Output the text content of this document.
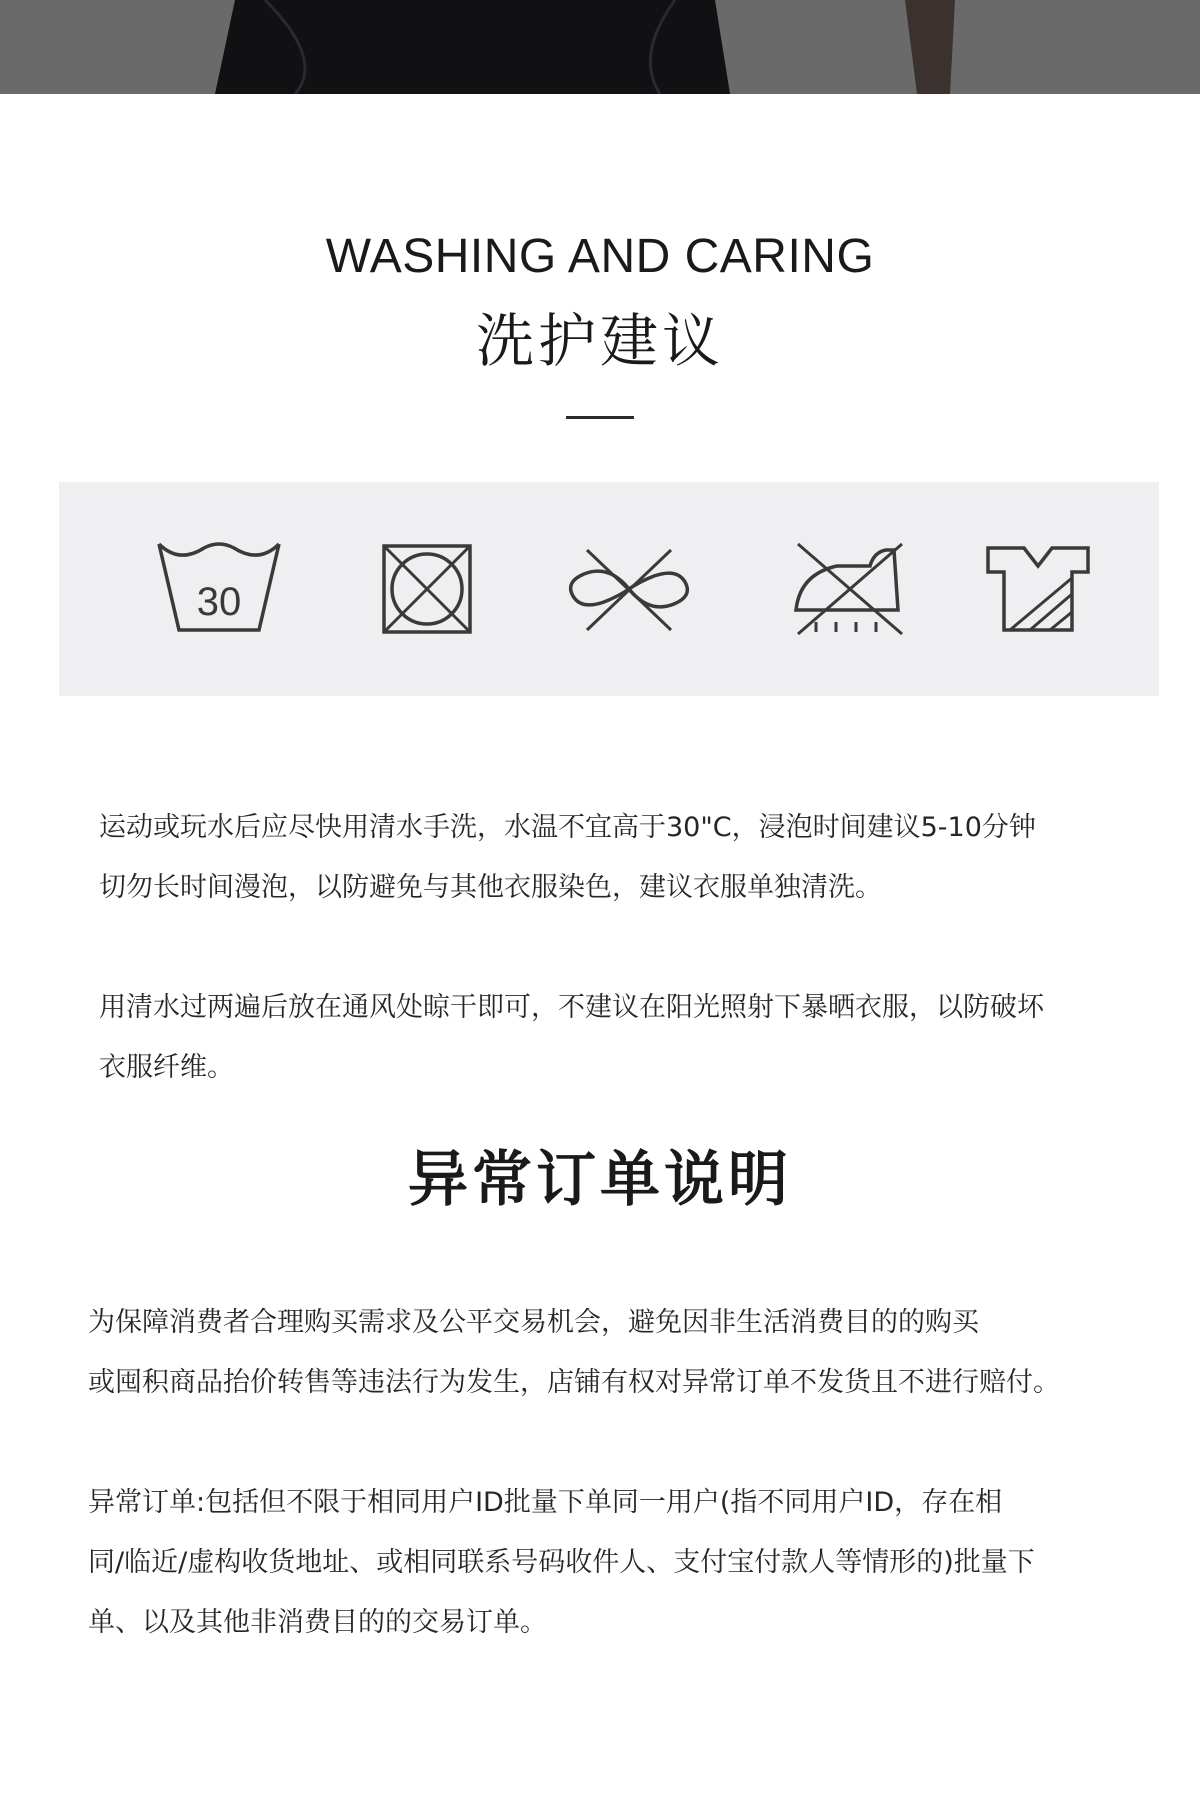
WASHING AND CARING
洗护建议
30
运动或玩水后应尽快用清水手洗，水温不宜高于30"C，浸泡时间建议5-10分钟
切勿长时间漫泡，以防避免与其他衣服染色，建议衣服单独清洗。
用清水过两遍后放在通风处晾干即可，不建议在阳光照射下暴晒衣服，以防破坏
衣服纤维。
异常订单说明
为保障消费者合理购买需求及公平交易机会，避免因非生活消费目的的购买
或囤积商品抬价转售等违法行为发生，店铺有权对异常订单不发货且不进行赔付。
异常订单:包括但不限于相同用户ID批量下单同一用户(指不同用户ID，存在相
同/临近/虚构收货地址、或相同联系号码收件人、支付宝付款人等情形的)批量下
单、以及其他非消费目的的交易订单。
